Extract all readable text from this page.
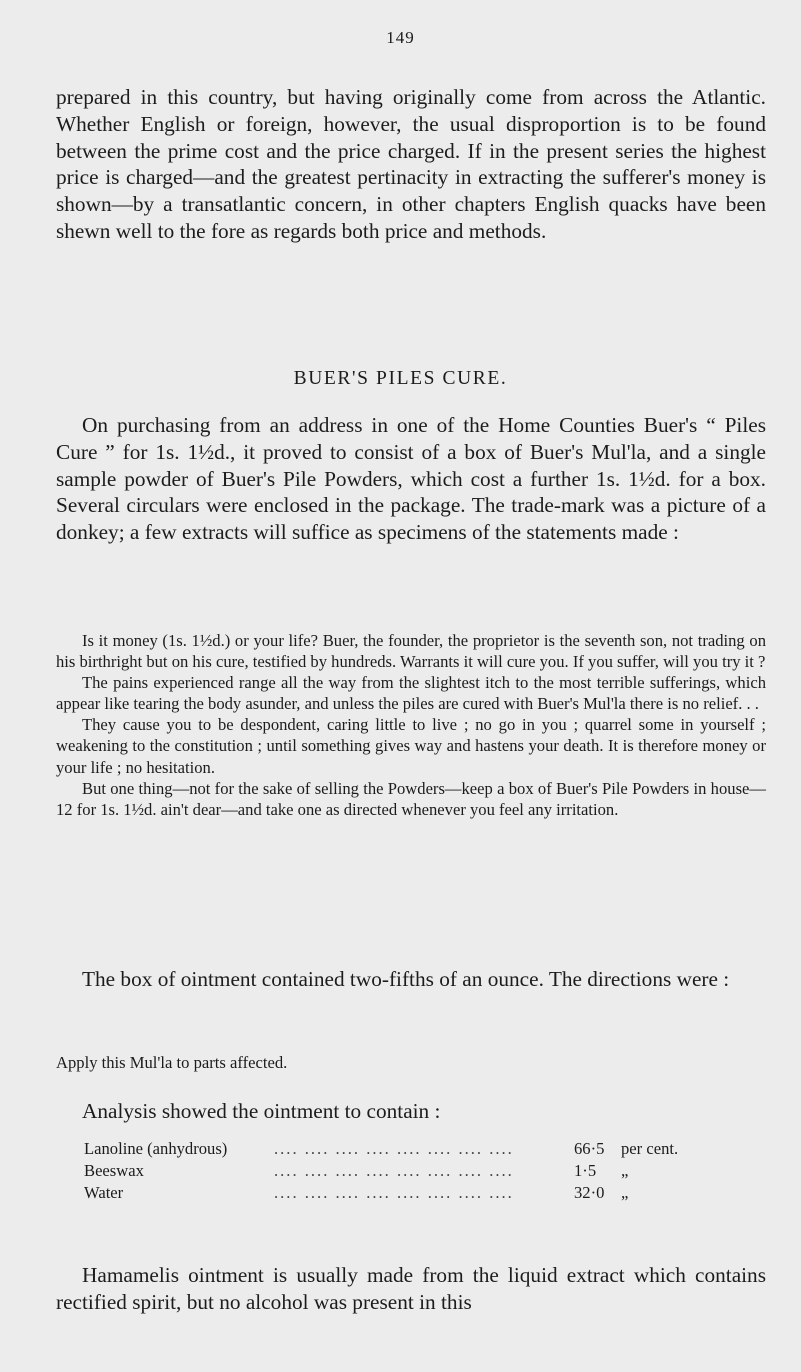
149

prepared in this country, but having originally come from across the Atlantic. Whether English or foreign, however, the usual disproportion is to be found between the prime cost and the price charged. If in the present series the highest price is charged—and the greatest pertinacity in extracting the sufferer's money is shown—by a transatlantic concern, in other chapters English quacks have been shewn well to the fore as regards both price and methods.

BUER'S PILES CURE.

On purchasing from an address in one of the Home Counties Buer's “ Piles Cure ” for 1s. 1½d., it proved to consist of a box of Buer's Mul'la, and a single sample powder of Buer's Pile Powders, which cost a further 1s. 1½d. for a box. Several circulars were enclosed in the package. The trade-mark was a picture of a donkey; a few extracts will suffice as specimens of the statements made :

Is it money (1s. 1½d.) or your life? Buer, the founder, the proprietor is the seventh son, not trading on his birthright but on his cure, testified by hundreds. Warrants it will cure you. If you suffer, will you try it ?

The pains experienced range all the way from the slightest itch to the most terrible sufferings, which appear like tearing the body asunder, and unless the piles are cured with Buer's Mul'la there is no relief. . .

They cause you to be despondent, caring little to live ; no go in you ; quarrel some in yourself ; weakening to the constitution ; until something gives way and hastens your death. It is therefore money or your life ; no hesitation.

But one thing—not for the sake of selling the Powders—keep a box of Buer's Pile Powders in house—12 for 1s. 1½d. ain't dear—and take one as directed whenever you feel any irritation.

The box of ointment contained two-fifths of an ounce. The directions were :

Apply this Mul'la to parts affected.

Analysis showed the ointment to contain :

Lanoline (anhydrous)	.... .... .... .... .... .... .... ....	66·5 per cent.
Beeswax	.... .... .... .... .... .... .... ....	1·5 „
Water	.... .... .... .... .... .... .... ....	32·0 „

Hamamelis ointment is usually made from the liquid extract which contains rectified spirit, but no alcohol was present in this
